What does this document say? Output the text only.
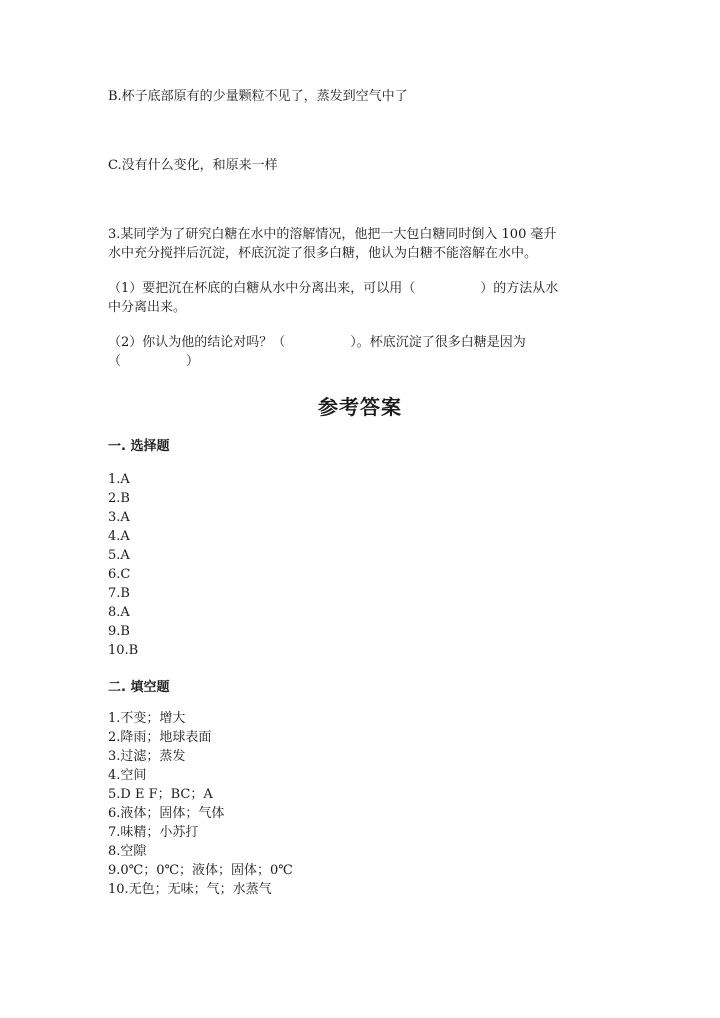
B.杯子底部原有的少量颗粒不见了，蒸发到空气中了
C.没有什么变化，和原来一样
3.某同学为了研究白糖在水中的溶解情况，他把一大包白糖同时倒入 100 毫升
水中充分搅拌后沉淀，杯底沉淀了很多白糖，他认为白糖不能溶解在水中。
（1）要把沉在杯底的白糖从水中分离出来，可以用（　　　　　）的方法从水
中分离出来。
（2）你认为他的结论对吗？（　　　　　）。杯底沉淀了很多白糖是因为
（　　　　　）
参考答案
一. 选择题
1.A
2.B
3.A
4.A
5.A
6.C
7.B
8.A
9.B
10.B
二. 填空题
1.不变；增大
2.降雨；地球表面
3.过滤；蒸发
4.空间
5.D E F；BC；A
6.液体；固体；气体
7.味精；小苏打
8.空隙
9.0℃；0℃；液体；固体；0℃
10.无色；无味；气；水蒸气
